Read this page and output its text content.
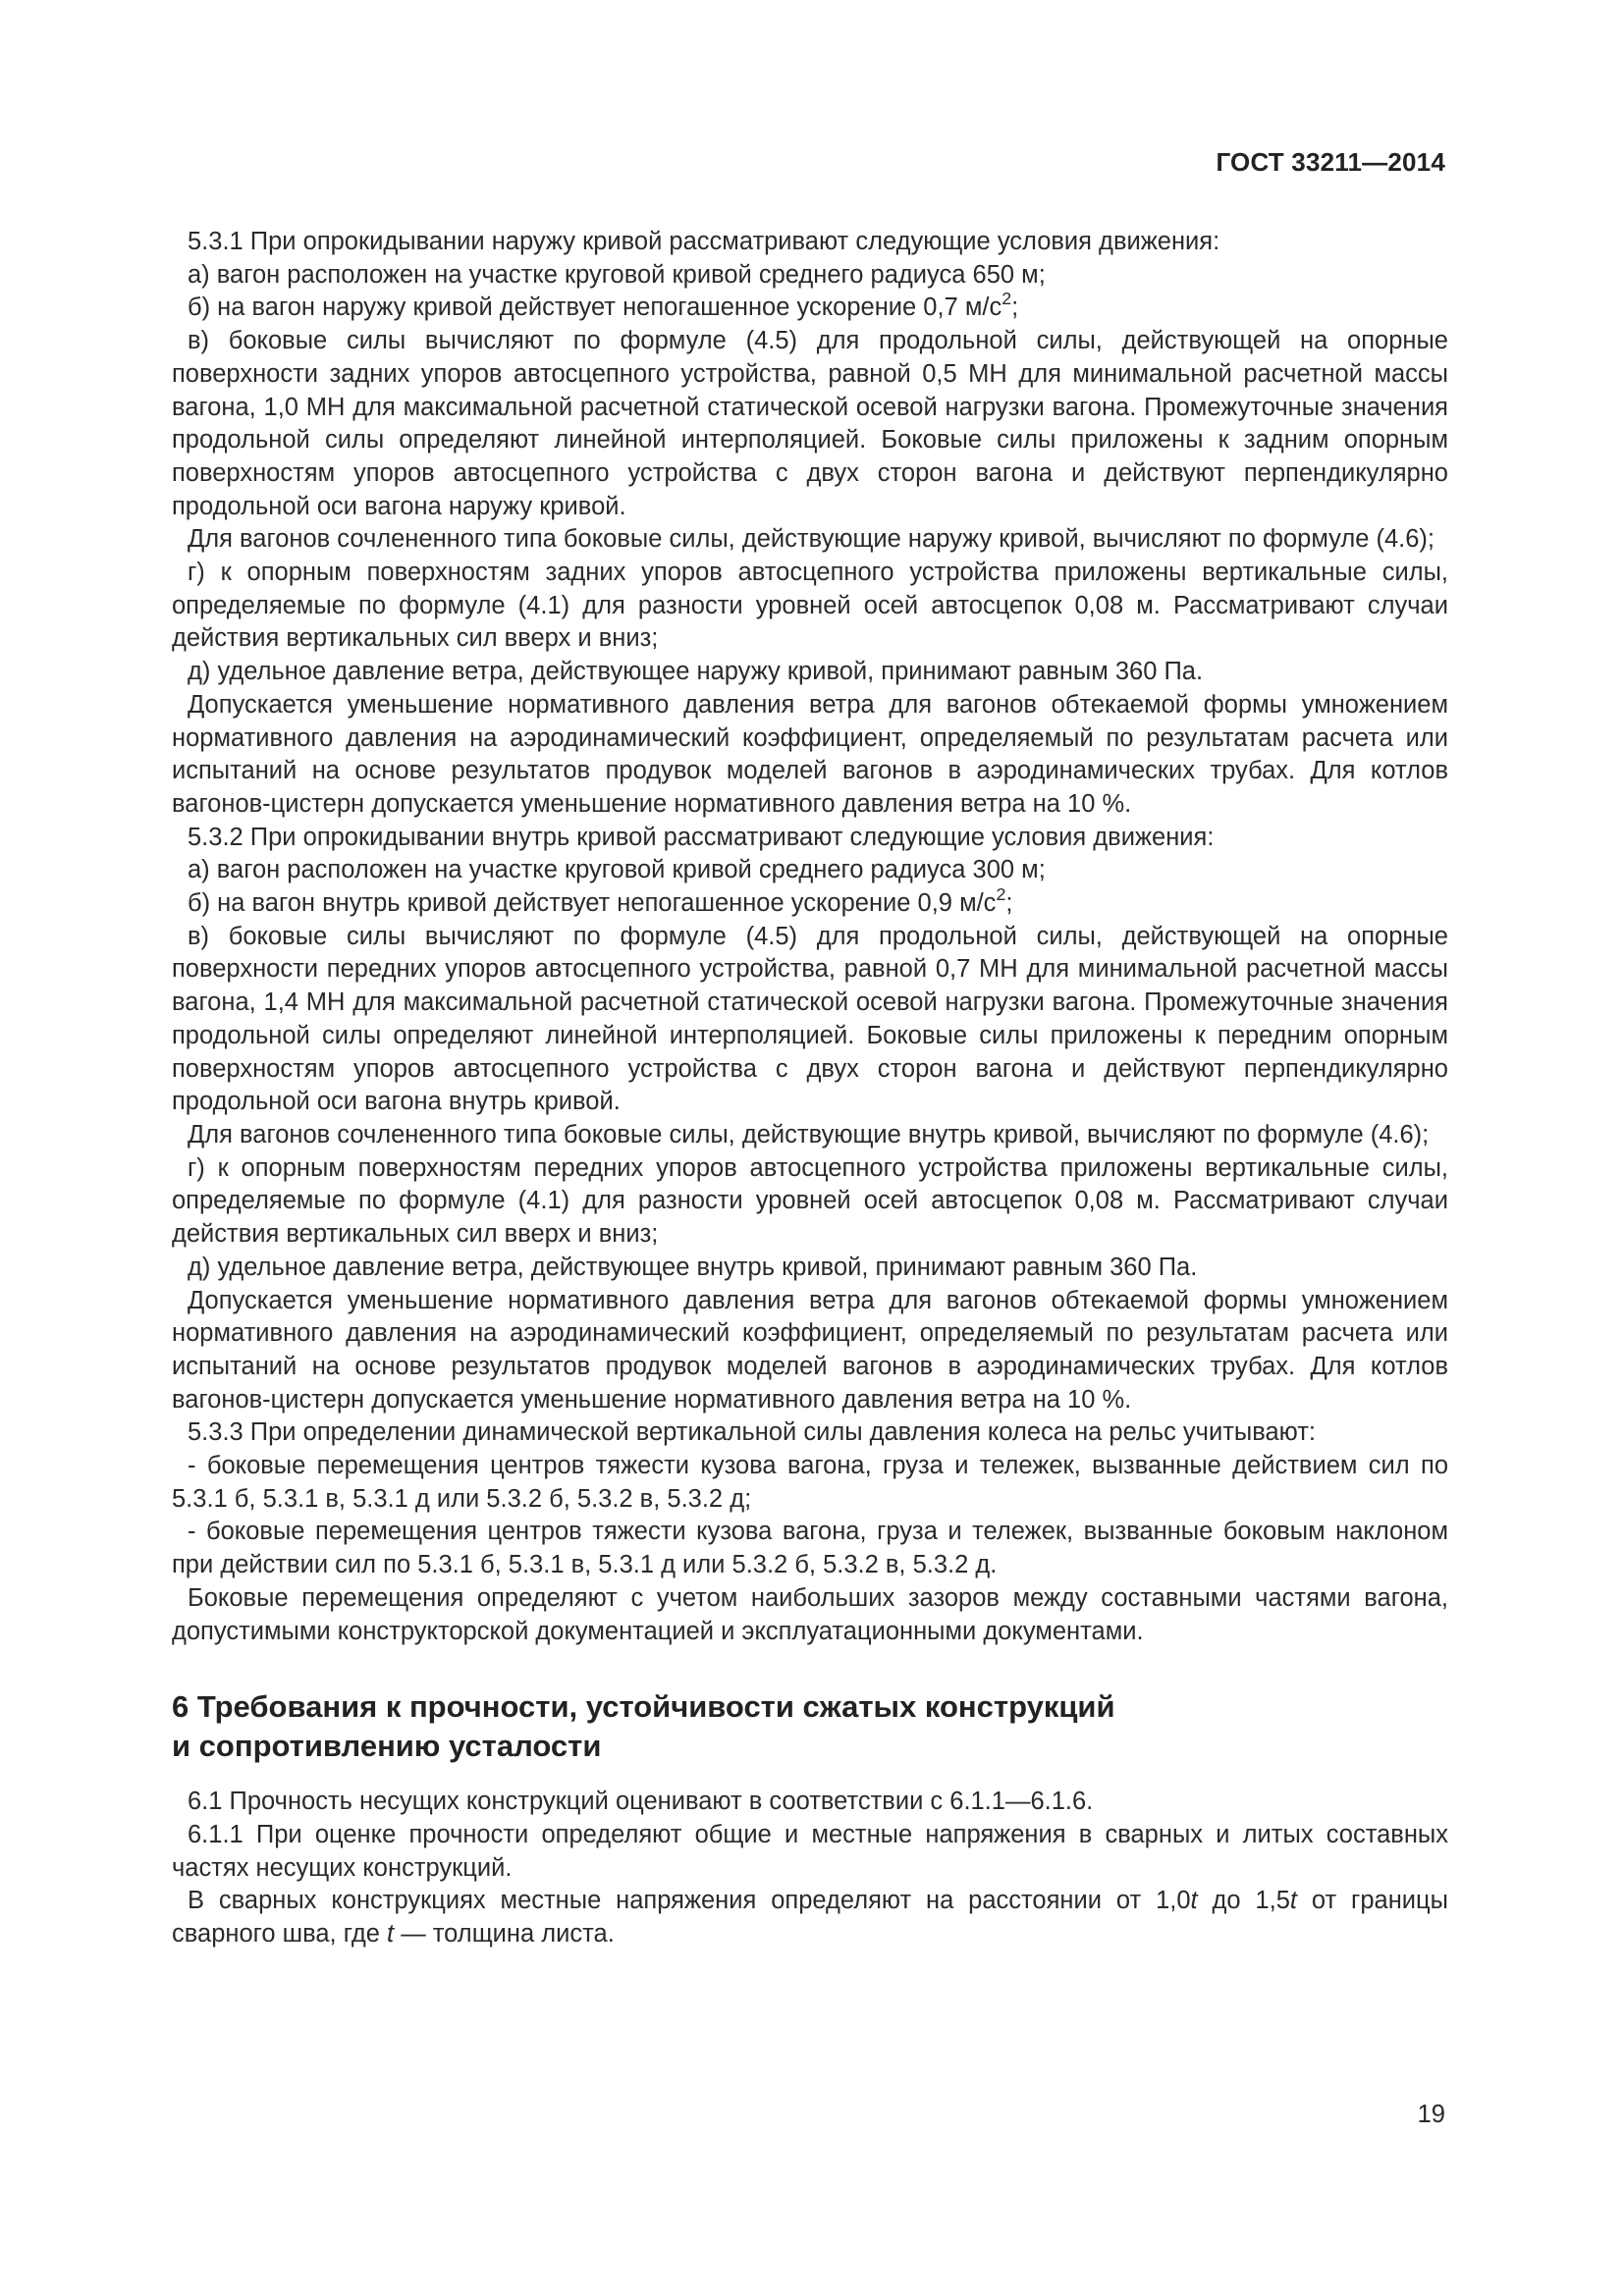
ГОСТ 33211—2014

5.3.1 При опрокидывании наружу кривой рассматривают следующие условия движения:

а) вагон расположен на участке круговой кривой среднего радиуса 650 м;

б) на вагон наружу кривой действует непогашенное ускорение 0,7 $м/с^2$;

в) боковые силы вычисляют по формуле (4.5) для продольной силы, действующей на опорные поверхности задних упоров автосцепного устройства, равной 0,5 МН для минимальной расчетной массы вагона, 1,0 МН для максимальной расчетной статической осевой нагрузки вагона. Промежуточные значения продольной силы определяют линейной интерполяцией. Боковые силы приложены к задним опорным поверхностям упоров автосцепного устройства с двух сторон вагона и действуют перпендикулярно продольной оси вагона наружу кривой.

Для вагонов сочлененного типа боковые силы, действующие наружу кривой, вычисляют по формуле (4.6);

г) к опорным поверхностям задних упоров автосцепного устройства приложены вертикальные силы, определяемые по формуле (4.1) для разности уровней осей автосцепок 0,08 м. Рассматривают случаи действия вертикальных сил вверх и вниз;

д) удельное давление ветра, действующее наружу кривой, принимают равным 360 Па.

Допускается уменьшение нормативного давления ветра для вагонов обтекаемой формы умножением нормативного давления на аэродинамический коэффициент, определяемый по результатам расчета или испытаний на основе результатов продувок моделей вагонов в аэродинамических трубах. Для котлов вагонов-цистерн допускается уменьшение нормативного давления ветра на 10 %.

5.3.2 При опрокидывании внутрь кривой рассматривают следующие условия движения:

а) вагон расположен на участке круговой кривой среднего радиуса 300 м;

б) на вагон внутрь кривой действует непогашенное ускорение 0,9 $м/с^2$;

в) боковые силы вычисляют по формуле (4.5) для продольной силы, действующей на опорные поверхности передних упоров автосцепного устройства, равной 0,7 МН для минимальной расчетной массы вагона, 1,4 МН для максимальной расчетной статической осевой нагрузки вагона. Промежуточные значения продольной силы определяют линейной интерполяцией. Боковые силы приложены к передним опорным поверхностям упоров автосцепного устройства с двух сторон вагона и действуют перпендикулярно продольной оси вагона внутрь кривой.

Для вагонов сочлененного типа боковые силы, действующие внутрь кривой, вычисляют по формуле (4.6);

г) к опорным поверхностям передних упоров автосцепного устройства приложены вертикальные силы, определяемые по формуле (4.1) для разности уровней осей автосцепок 0,08 м. Рассматривают случаи действия вертикальных сил вверх и вниз;

д) удельное давление ветра, действующее внутрь кривой, принимают равным 360 Па.

Допускается уменьшение нормативного давления ветра для вагонов обтекаемой формы умножением нормативного давления на аэродинамический коэффициент, определяемый по результатам расчета или испытаний на основе результатов продувок моделей вагонов в аэродинамических трубах. Для котлов вагонов-цистерн допускается уменьшение нормативного давления ветра на 10 %.

5.3.3 При определении динамической вертикальной силы давления колеса на рельс учитывают:

- боковые перемещения центров тяжести кузова вагона, груза и тележек, вызванные действием сил по 5.3.1 б, 5.3.1 в, 5.3.1 д или 5.3.2 б, 5.3.2 в, 5.3.2 д;

- боковые перемещения центров тяжести кузова вагона, груза и тележек, вызванные боковым наклоном при действии сил по 5.3.1 б, 5.3.1 в, 5.3.1 д или 5.3.2 б, 5.3.2 в, 5.3.2 д.

Боковые перемещения определяют с учетом наибольших зазоров между составными частями вагона, допустимыми конструкторской документацией и эксплуатационными документами.

6 Требования к прочности, устойчивости сжатых конструкций
и сопротивлению усталости

6.1 Прочность несущих конструкций оценивают в соответствии с 6.1.1—6.1.6.

6.1.1 При оценке прочности определяют общие и местные напряжения в сварных и литых составных частях несущих конструкций.

В сварных конструкциях местные напряжения определяют на расстоянии от 1,0t до 1,5t от границы сварного шва, где t — толщина листа.

19
